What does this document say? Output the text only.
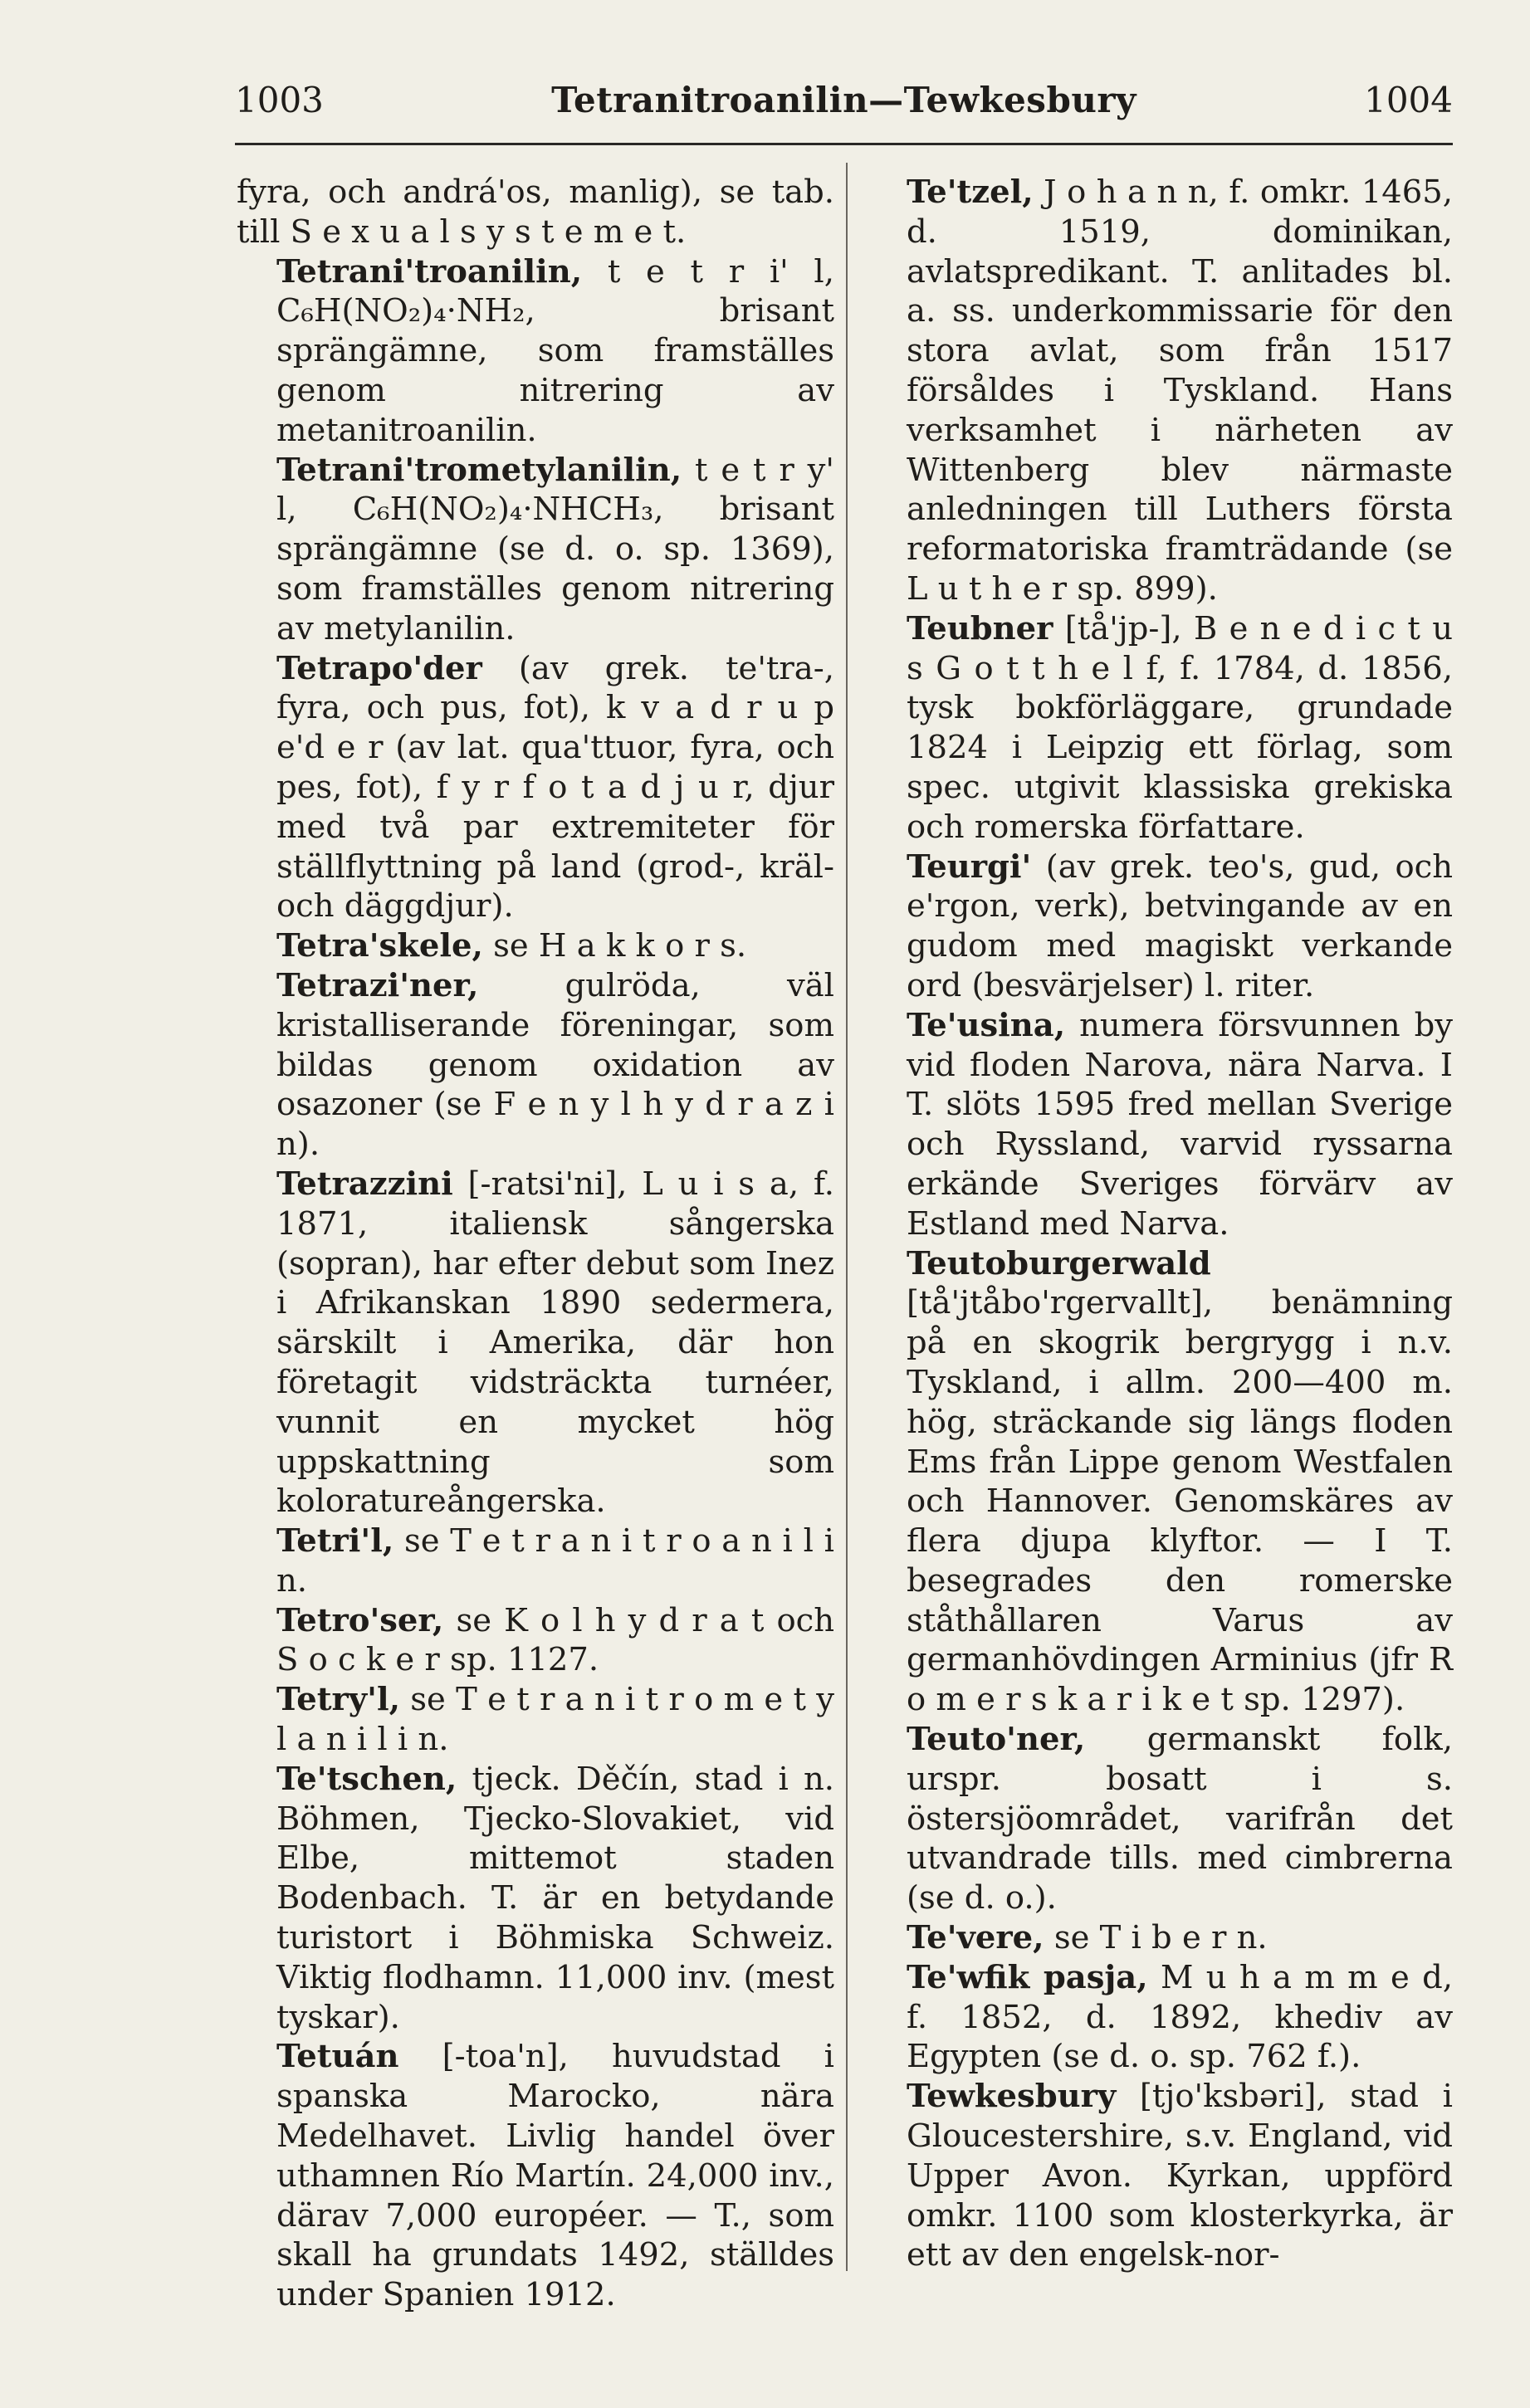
1003	Tetranitroanilin—Tewkesbury	1004

fyra, och andrá'os, manlig), se tab. till S e x u a l s y s t e m e t.

Tetrani'troanilin, t e t r i' l, C₆H(NO₂)₄·NH₂, brisant sprängämne, som framställes genom nitrering av metanitroanilin.

Tetrani'trometylanilin, t e t r y' l, C₆H(NO₂)₄·NHCH₃, brisant sprängämne (se d. o. sp. 1369), som framställes genom nitrering av metylanilin.

Tetrapo'der (av grek. te'tra-, fyra, och pus, fot), k v a d r u p e'd e r (av lat. qua'ttuor, fyra, och pes, fot), f y r f o t a d j u r, djur med två par extremiteter för ställflyttning på land (grod-, kräl- och däggdjur).

Tetra'skele, se H a k k o r s.

Tetrazi'ner,	gulröda, väl kristalliserande föreningar, som bildas genom oxidation av osazoner (se F e n y l h y d r a z i n).

Tetrazzini [-ratsi'ni], L u i s a, f. 1871, italiensk sångerska (sopran), har efter debut som Inez i Afrikanskan 1890 sedermera, särskilt i Amerika, där hon företagit vidsträckta turnéer, vunnit en mycket hög uppskattning som koloratureångerska.

Tetri'l, se T e t r a n i t r o a n i l i n.

Tetro'ser, se K o l h y d r a t och S o c k e r sp. 1127.

Tetry'l, se T e t r a n i t r o m e t y l a n i l i n.

Te'tschen, tjeck. Děčín, stad i n. Böhmen, Tjecko-Slovakiet, vid Elbe, mittemot staden Bodenbach. T. är en betydande turistort i Böhmiska Schweiz. Viktig flodhamn. 11,000 inv. (mest tyskar).

Tetuán [-toa'n], huvudstad i spanska Marocko, nära Medelhavet. Livlig handel över uthamnen Río Martín. 24,000 inv., därav 7,000 européer. — T., som skall ha grundats 1492, ställdes under Spanien 1912.

Te'tzel, J o h a n n, f. omkr. 1465, d. 1519, dominikan, avlatspredikant. T. anlitades bl. a. ss. underkommissarie för den stora avlat, som från 1517 försåldes i Tyskland. Hans verksamhet i närheten av Wittenberg blev närmaste anledningen till Luthers första reformatoriska framträdande (se L u t h e r sp. 899).

Teubner [tå'jp-], B e n e d i c t u s G o t t h e l f, f. 1784, d. 1856, tysk bokförläggare, grundade 1824 i Leipzig ett förlag, som spec. utgivit klassiska grekiska och romerska författare.

Teurgi' (av grek. teo's, gud, och e'rgon, verk), betvingande av en gudom med magiskt verkande ord (besvärjelser) l. riter.

Te'usina, numera försvunnen by vid floden Narova, nära Narva. I T. slöts 1595 fred mellan Sverige och Ryssland, varvid ryssarna erkände Sveriges förvärv av Estland med Narva.

Teutoburgerwald [tå'jtåbo'rgervallt], benämning på en skogrik bergrygg i n.v. Tyskland, i allm. 200—400 m. hög, sträckande sig längs floden Ems från Lippe genom Westfalen och Hannover. Genomskäres av flera djupa klyftor. — I T. besegrades den romerske ståthållaren Varus av germanhövdingen Arminius (jfr R o m e r s k a r i k e t sp. 1297).

Teuto'ner, germanskt folk, urspr. bosatt i s. östersjöområdet, varifrån det utvandrade tills. med cimbrerna (se d. o.).

Te'vere, se T i b e r n.

Te'wfik pasja, M u h a m m e d, f. 1852, d. 1892, khediv av Egypten (se d. o. sp. 762 f.).

Tewkesbury [tjo'ksbəri], stad i Gloucestershire, s.v. England, vid Upper Avon. Kyrkan, uppförd omkr. 1100 som klosterkyrka, är ett av den engelsk-nor-
